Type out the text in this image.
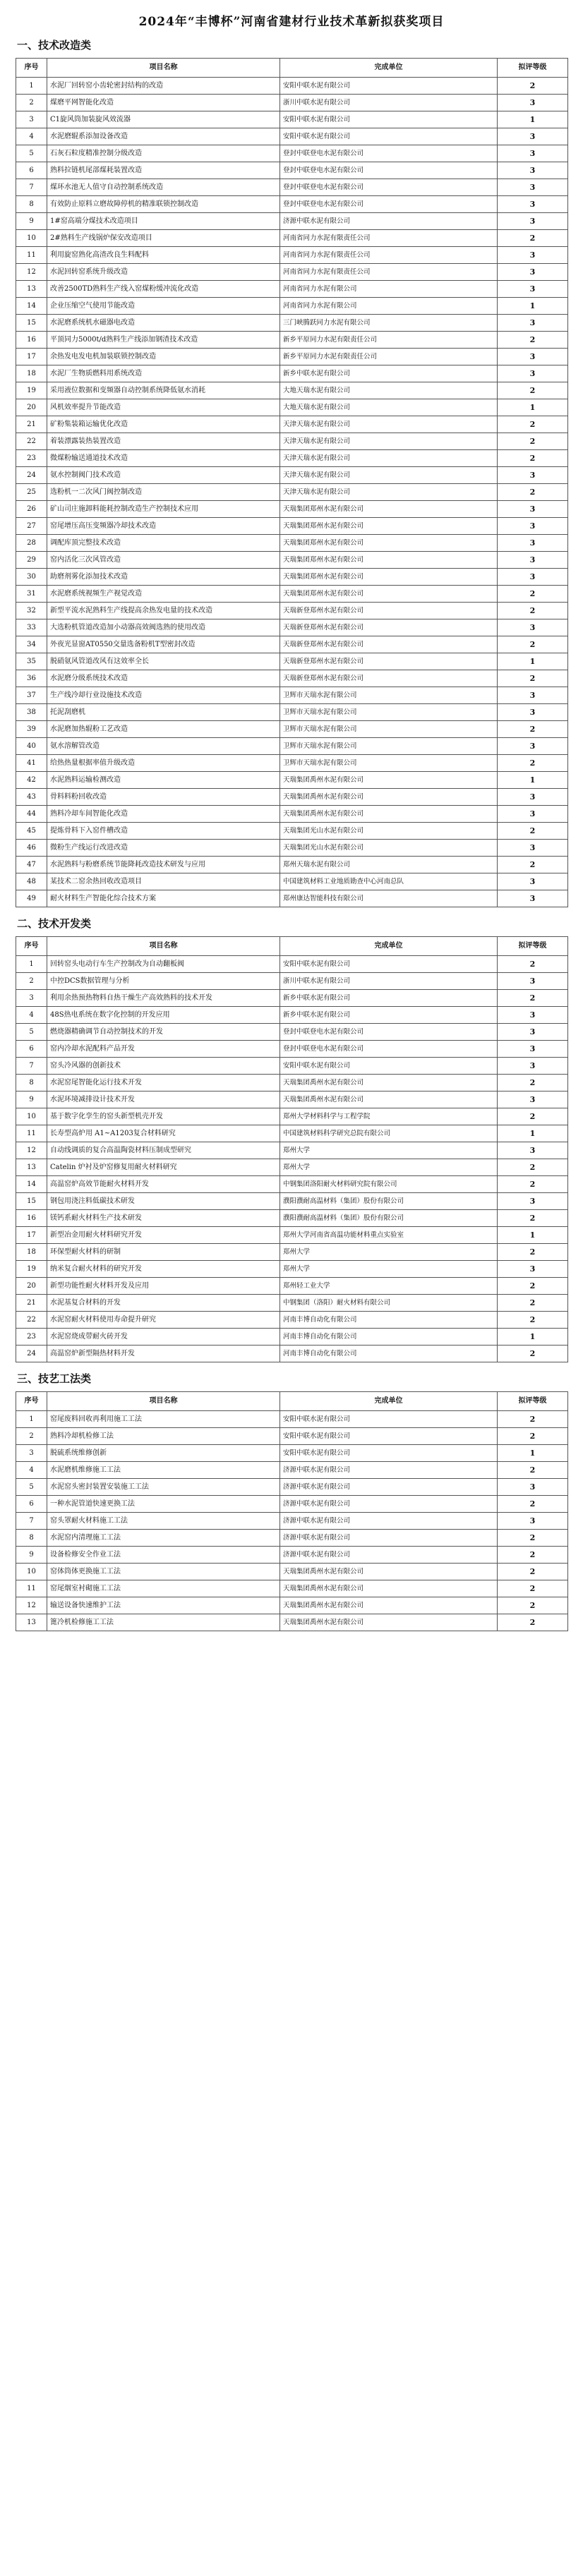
2024年“丰博杯”河南省建材行业技术革新拟获奖项目
一、技术改造类
序号	项目名称	完成单位	拟评等级
1	水泥厂回转窑小齿轮密封结构的改造	安阳中联水泥有限公司	2
2	煤磨平网智能化改造	浙川中联水泥有限公司	3
3	C1旋风筒加装旋风效流器	安阳中联水泥有限公司	1
4	水泥磨辊系添加设备改造	安阳中联水泥有限公司	3
5	石灰石粒度精准控制分级改造	登封中联登电水泥有限公司	3
6	熟料拉链机尾部煤耗装置改造	登封中联登电水泥有限公司	3
7	煤环水池无人值守自动控制系统改造	登封中联登电水泥有限公司	3
8	有效防止原料立磨故障停机的精准联锁控制改造	登封中联登电水泥有限公司	3
9	1#窑高端分煤技术改造项目	济源中联水泥有限公司	3
10	2#熟料生产线锅炉保安改造项目	河南省同力水泥有限责任公司	2
11	利用旋窑熟化高渣改良生料配料	河南省同力水泥有限责任公司	3
12	水泥回转窑系统升级改造	河南省同力水泥有限责任公司	3
13	改善2500TD熟料生产线入窑煤粉缓冲流化改造	河南省同力水泥有限公司	3
14	企业压缩空气使用节能改造	河南省同力水泥有限公司	1
15	水泥磨系统机水磁器电改造	三门峡腾跃同力水泥有限公司	3
16	平顶同力5000t/d熟料生产线添加钢渣技术改造	新乡平原同力水泥有限责任公司	2
17	余热发电发电机加装联锁控制改造	新乡平原同力水泥有限责任公司	3
18	水泥厂生物质燃料用系统改造	新乡中联水泥有限公司	3
19	采用液位数据和变频器自动控制系统降低氨水消耗	大地天瑞水泥有限公司	2
20	风机效率提升节能改造	大地天瑞水泥有限公司	1
21	矿粉集装箱运输优化改造	天津天瑞水泥有限公司	2
22	着装漂露装热装置改造	天津天瑞水泥有限公司	2
23	微煤粉输送通道技术改造	天津天瑞水泥有限公司	2
24	氨水控制阀门技术改造	天津天瑞水泥有限公司	3
25	选粉机一二次风门阀控制改造	天津天瑞水泥有限公司	2
26	矿山司庄施卸料能耗控制改造生产控制技术应用	天瑞集团郑州水泥有限公司	3
27	窑尾增压高压变频器冷却技术改造	天瑞集团郑州水泥有限公司	3
28	调配库顶完整技术改造	天瑞集团郑州水泥有限公司	3
29	窑内活化三次风管改造	天瑞集团郑州水泥有限公司	3
30	助磨剂雾化添加技术改造	天瑞集团郑州水泥有限公司	3
31	水泥磨系统视频生产视觉改造	天瑞集团郑州水泥有限公司	2
32	新型平流水泥熟料生产线提高余热发电量的技术改造	天瑞新登郑州水泥有限公司	2
33	大选粉机管道改造加小动器高效阀选熟的使用改造	天瑞新登郑州水泥有限公司	3
34	外夜光显窗AT0550交量选备粉机T型密封改造	天瑞新登郑州水泥有限公司	2
35	脱硝氨风管道改风有这效率全长	天瑞新登郑州水泥有限公司	1
36	水泥磨分级系统技术改造	天瑞新登郑州水泥有限公司	2
37	生产线冷却行业设施技术改造	卫辉市天瑞水泥有限公司	3
38	托泥刮磨机	卫辉市天瑞水泥有限公司	3
39	水泥磨加热辊粉工艺改造	卫辉市天瑞水泥有限公司	2
40	氨水溶解管改造	卫辉市天瑞水泥有限公司	3
41	给热热量根据率值升级改造	卫辉市天瑞水泥有限公司	2
42	水泥熟料运输检测改造	天瑞集团禹州水泥有限公司	1
43	骨料料粉回收改造	天瑞集团禹州水泥有限公司	3
44	熟料冷却车间智能化改造	天瑞集团禹州水泥有限公司	3
45	提炼骨料下入窑件槽改造	天瑞集团光山水泥有限公司	2
46	微粉生产线运行改进改造	天瑞集团光山水泥有限公司	3
47	水泥熟料与粉磨系统节能降耗改造技术研发与应用	郑州天瑞水泥有限公司	2
48	某技术二窑余热回收改造项目	中国建筑材料工业地质勘查中心河南总队	3
49	耐火材料生产智能化综合技术方案	郑州康达智能科技有限公司	3
二、技术开发类
序号	项目名称	完成单位	拟评等级
1	回转窑头电动行车生产控制改为自动翻板阀	安阳中联水泥有限公司	2
2	中控DCS数据管理与分析	浙川中联水泥有限公司	3
3	利用余热预热物料自热干燥生产高效熟料的技术开发	新乡中联水泥有限公司	2
4	48S热电系统在数字化控制的开发应用	新乡中联水泥有限公司	3
5	燃烧器精确调节自动控制技术的开发	登封中联登电水泥有限公司	3
6	窑内冷却水泥配料产品开发	登封中联登电水泥有限公司	3
7	窑头冷风器的创新技术	安阳中联水泥有限公司	3
8	水泥窑尾智能化运行技术开发	天瑞集团禹州水泥有限公司	2
9	水泥环境减排设计技术开发	天瑞集团禹州水泥有限公司	3
10	基于数字化孪生的窑头新型机壳开发	郑州大学材料科学与工程学院	2
11	长寿型高炉用 A1~A1203复合材料研究	中国建筑材料科学研究总院有限公司	1
12	自动线调质的复合高温陶瓷材料压制成型研究	郑州大学	3
13	Catelin 炉衬及炉窑修复用耐火材料研究	郑州大学	2
14	高温窑炉高效节能耐火材料开发	中钢集团洛阳耐火材料研究院有限公司	2
15	钢包用浇注料低碳技术研发	濮阳濮耐高温材料（集团）股份有限公司	3
16	镁钙系耐火材料生产技术研发	濮阳濮耐高温材料（集团）股份有限公司	2
17	新型冶金用耐火材料研究开发	郑州大学河南省高温功能材料重点实验室	1
18	环保型耐火材料的研制	郑州大学	2
19	纳米复合耐火材料的研究开发	郑州大学	3
20	新型功能性耐火材料开发及应用	郑州轻工业大学	2
21	水泥基复合材料的开发	中钢集团（洛阳）耐火材料有限公司	2
22	水泥窑耐火材料使用寿命提升研究	河南丰博自动化有限公司	2
23	水泥窑烧成带耐火砖开发	河南丰博自动化有限公司	1
24	高温窑炉新型隔热材料开发	河南丰博自动化有限公司	2
三、技艺工法类
序号	项目名称	完成单位	拟评等级
1	窑尾废料回收再利用施工工法	安阳中联水泥有限公司	2
2	熟料冷却机检修工法	安阳中联水泥有限公司	2
3	脱硫系统维修创新	安阳中联水泥有限公司	1
4	水泥磨机维修施工工法	济源中联水泥有限公司	2
5	水泥窑头密封装置安装施工工法	济源中联水泥有限公司	3
6	一种水泥管道快速更换工法	济源中联水泥有限公司	2
7	窑头罩耐火材料施工工法	济源中联水泥有限公司	3
8	水泥窑内清理施工工法	济源中联水泥有限公司	2
9	设备检修安全作业工法	济源中联水泥有限公司	2
10	窑体筒体更换施工工法	天瑞集团禹州水泥有限公司	2
11	窑尾烟室衬砌施工工法	天瑞集团禹州水泥有限公司	2
12	输送设备快速维护工法	天瑞集团禹州水泥有限公司	2
13	篦冷机检修施工工法	天瑞集团禹州水泥有限公司	2
